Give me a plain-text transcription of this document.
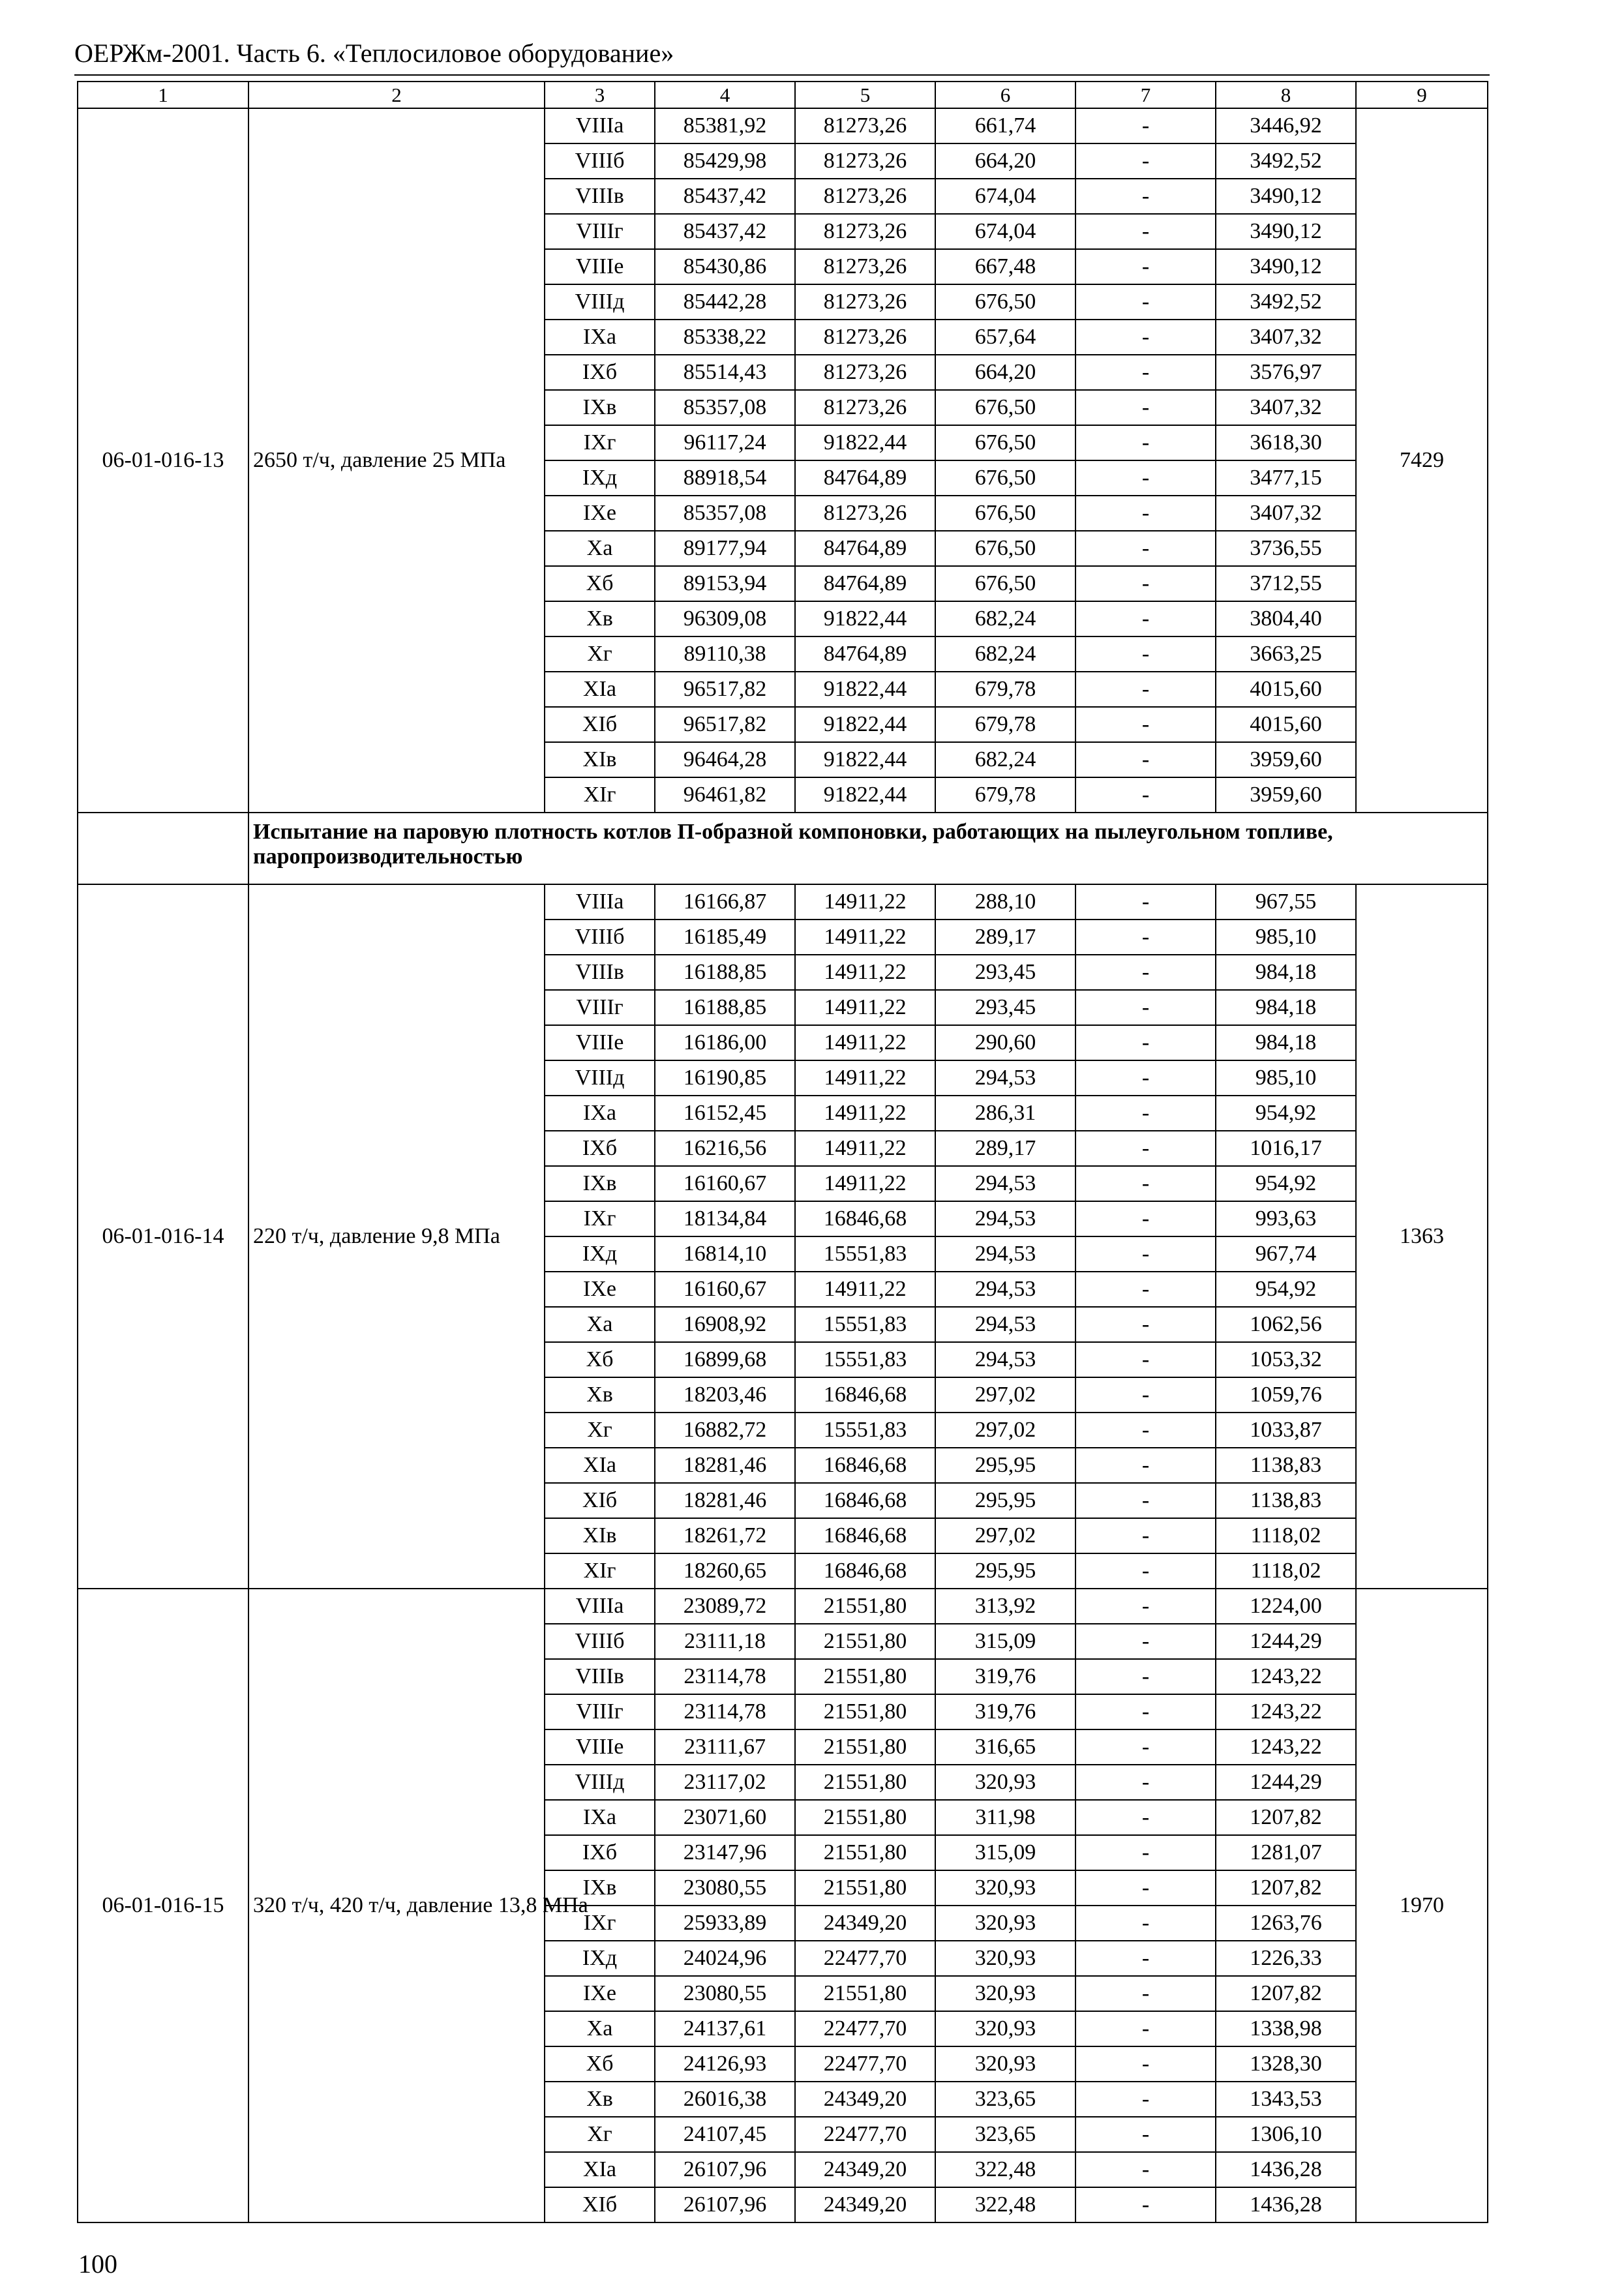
ОЕРЖм-2001. Часть 6. «Теплосиловое оборудование»
1	2	3	4	5	6	7	8	9
06-01-016-13	2650 т/ч, давление 25 МПа	VIIIа	85381,92	81273,26	661,74	-	3446,92	7429
		VIIIб	85429,98	81273,26	664,20	-	3492,52	
		VIIIв	85437,42	81273,26	674,04	-	3490,12	
		VIIIг	85437,42	81273,26	674,04	-	3490,12	
		VIIIе	85430,86	81273,26	667,48	-	3490,12	
		VIIIд	85442,28	81273,26	676,50	-	3492,52	
		IXа	85338,22	81273,26	657,64	-	3407,32	
		IXб	85514,43	81273,26	664,20	-	3576,97	
		IXв	85357,08	81273,26	676,50	-	3407,32	
		IXг	96117,24	91822,44	676,50	-	3618,30	
		IXд	88918,54	84764,89	676,50	-	3477,15	
		IXе	85357,08	81273,26	676,50	-	3407,32	
		Xа	89177,94	84764,89	676,50	-	3736,55	
		Xб	89153,94	84764,89	676,50	-	3712,55	
		Xв	96309,08	91822,44	682,24	-	3804,40	
		Xг	89110,38	84764,89	682,24	-	3663,25	
		XIа	96517,82	91822,44	679,78	-	4015,60	
		XIб	96517,82	91822,44	679,78	-	4015,60	
		XIв	96464,28	91822,44	682,24	-	3959,60	
		XIг	96461,82	91822,44	679,78	-	3959,60	
	Испытание на паровую плотность котлов П-образной компоновки, работающих на пылеугольном топливе, паропроизводительностью							
06-01-016-14	220 т/ч, давление 9,8 МПа	VIIIа	16166,87	14911,22	288,10	-	967,55	1363
		VIIIб	16185,49	14911,22	289,17	-	985,10	
		VIIIв	16188,85	14911,22	293,45	-	984,18	
		VIIIг	16188,85	14911,22	293,45	-	984,18	
		VIIIе	16186,00	14911,22	290,60	-	984,18	
		VIIIд	16190,85	14911,22	294,53	-	985,10	
		IXа	16152,45	14911,22	286,31	-	954,92	
		IXб	16216,56	14911,22	289,17	-	1016,17	
		IXв	16160,67	14911,22	294,53	-	954,92	
		IXг	18134,84	16846,68	294,53	-	993,63	
		IXд	16814,10	15551,83	294,53	-	967,74	
		IXе	16160,67	14911,22	294,53	-	954,92	
		Xа	16908,92	15551,83	294,53	-	1062,56	
		Xб	16899,68	15551,83	294,53	-	1053,32	
		Xв	18203,46	16846,68	297,02	-	1059,76	
		Xг	16882,72	15551,83	297,02	-	1033,87	
		XIа	18281,46	16846,68	295,95	-	1138,83	
		XIб	18281,46	16846,68	295,95	-	1138,83	
		XIв	18261,72	16846,68	297,02	-	1118,02	
		XIг	18260,65	16846,68	295,95	-	1118,02	
06-01-016-15	320 т/ч, 420 т/ч, давление 13,8 МПа	VIIIа	23089,72	21551,80	313,92	-	1224,00	1970
		VIIIб	23111,18	21551,80	315,09	-	1244,29	
		VIIIв	23114,78	21551,80	319,76	-	1243,22	
		VIIIг	23114,78	21551,80	319,76	-	1243,22	
		VIIIе	23111,67	21551,80	316,65	-	1243,22	
		VIIIд	23117,02	21551,80	320,93	-	1244,29	
		IXа	23071,60	21551,80	311,98	-	1207,82	
		IXб	23147,96	21551,80	315,09	-	1281,07	
		IXв	23080,55	21551,80	320,93	-	1207,82	
		IXг	25933,89	24349,20	320,93	-	1263,76	
		IXд	24024,96	22477,70	320,93	-	1226,33	
		IXе	23080,55	21551,80	320,93	-	1207,82	
		Xа	24137,61	22477,70	320,93	-	1338,98	
		Xб	24126,93	22477,70	320,93	-	1328,30	
		Xв	26016,38	24349,20	323,65	-	1343,53	
		Xг	24107,45	22477,70	323,65	-	1306,10	
		XIа	26107,96	24349,20	322,48	-	1436,28	
		XIб	26107,96	24349,20	322,48	-	1436,28	
100
